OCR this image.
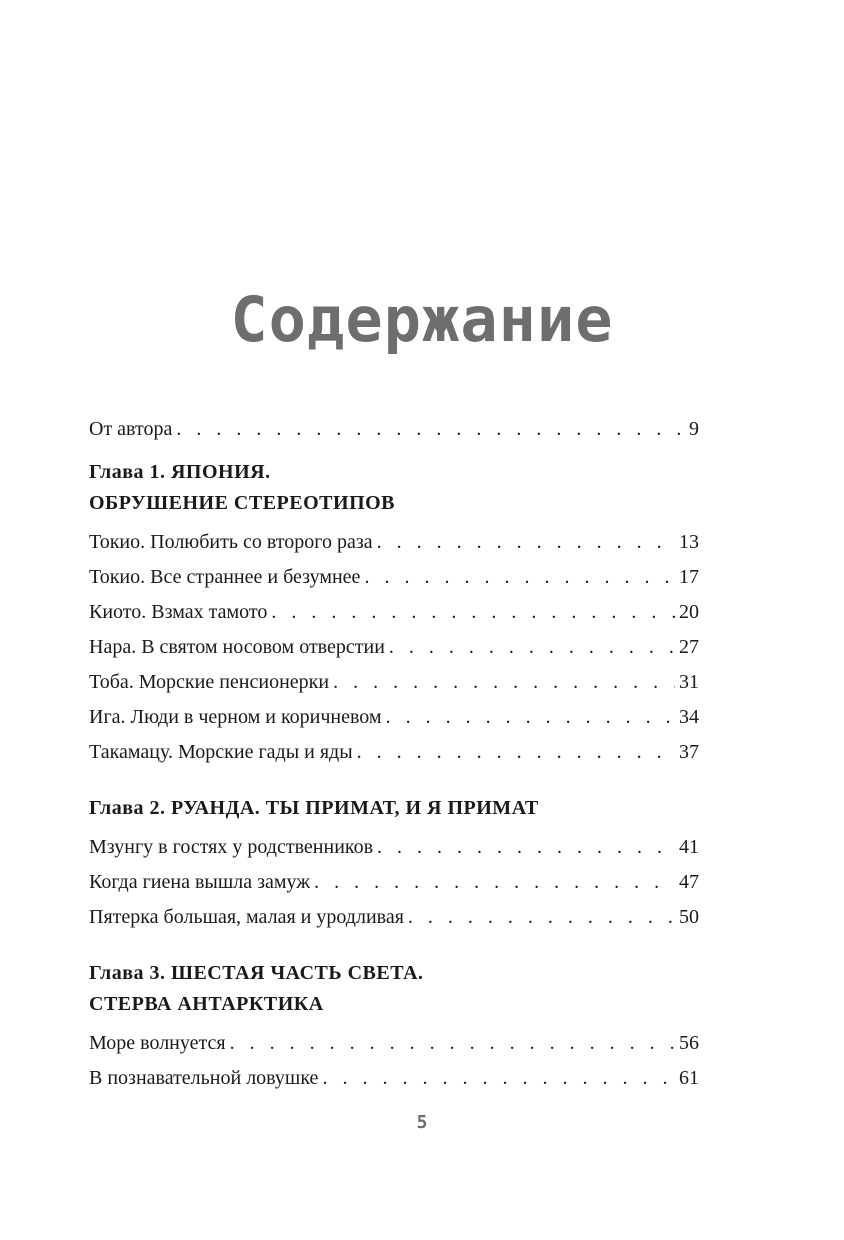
Содержание
От автора . . .	9
Глава 1. ЯПОНИЯ.
ОБРУШЕНИЕ СТЕРЕОТИПОВ
Токио. Полюбить со второго раза . . .	13
Токио. Все страннее и безумнее . . .	17
Киото. Взмах тамото . . .	20
Нара. В святом носовом отверстии . . .	27
Тоба. Морские пенсионерки . . .	31
Ига. Люди в черном и коричневом . . .	34
Такамацу. Морские гады и яды . . .	37
Глава 2. РУАНДА. ТЫ ПРИМАТ, И Я ПРИМАТ
Мзунгу в гостях у родственников . . .	41
Когда гиена вышла замуж . . .	47
Пятерка большая, малая и уродливая . . .	50
Глава 3. ШЕСТАЯ ЧАСТЬ СВЕТА.
СТЕРВА АНТАРКТИКА
Море волнуется . . .	56
В познавательной ловушке . . .	61
5
